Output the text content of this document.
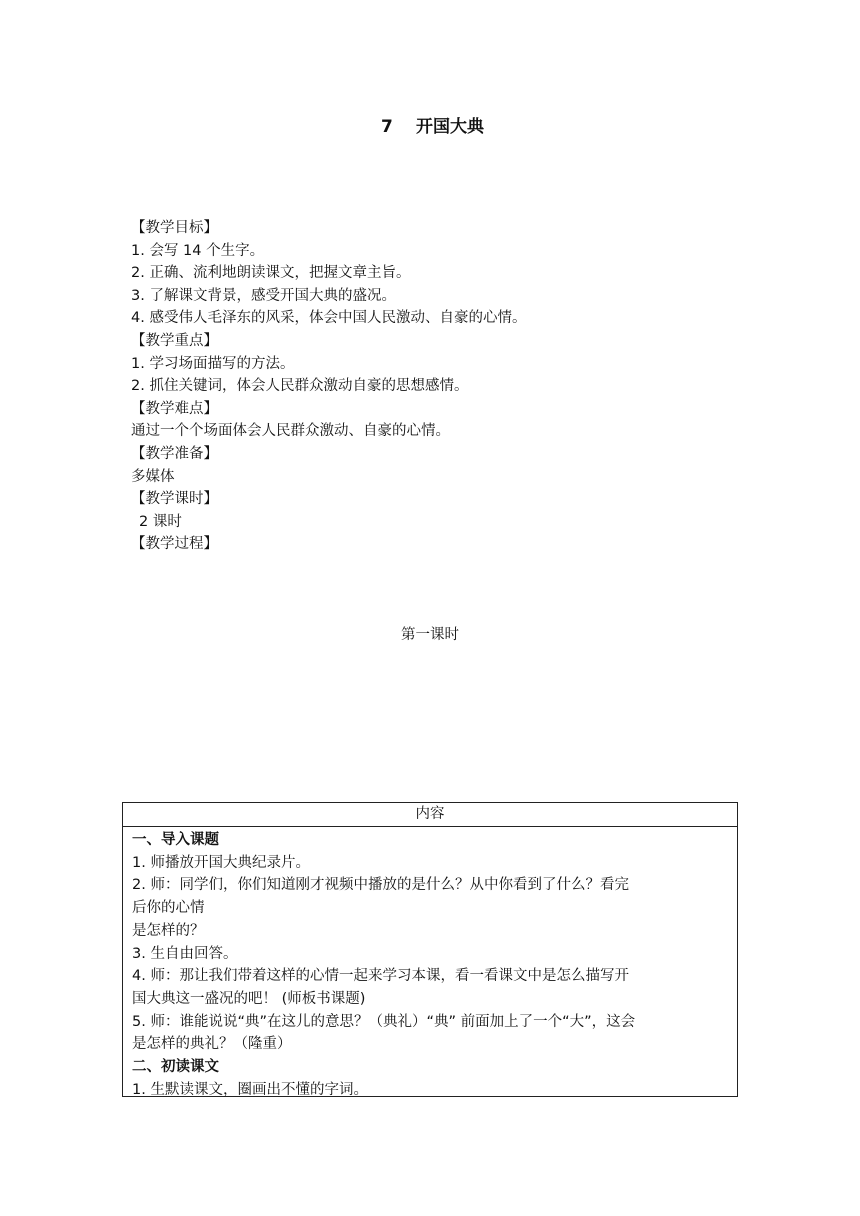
7 开国大典
【教学目标】
1. 会写 14 个生字。
2. 正确、流利地朗读课文，把握文章主旨。
3. 了解课文背景，感受开国大典的盛况。
4. 感受伟人毛泽东的风采，体会中国人民激动、自豪的心情。
【教学重点】
1. 学习场面描写的方法。
2. 抓住关键词，体会人民群众激动自豪的思想感情。
【教学难点】
通过一个个场面体会人民群众激动、自豪的心情。
【教学准备】
多媒体
【教学课时】
2 课时
【教学过程】
第一课时
内容
一、导入课题
1. 师播放开国大典纪录片。
2. 师：同学们，你们知道刚才视频中播放的是什么？从中你看到了什么？看完
后你的心情
是怎样的？
3. 生自由回答。
4. 师：那让我们带着这样的心情一起来学习本课，看一看课文中是怎么描写开
国大典这一盛况的吧！ (师板书课题)
5. 师：谁能说说“典”在这儿的意思？（典礼）“典” 前面加上了一个“大”，这会
是怎样的典礼？（隆重）
二、初读课文
1. 生默读课文，圈画出不懂的字词。
